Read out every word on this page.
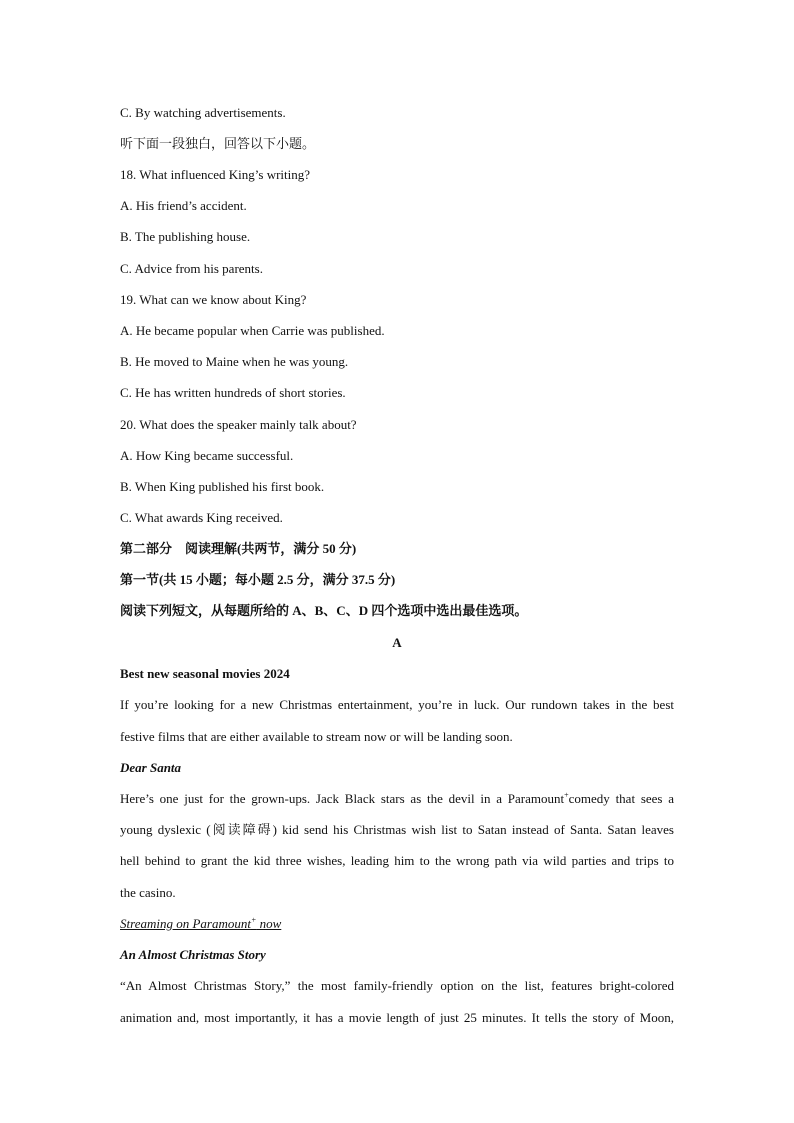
C. By watching advertisements.
听下面一段独白，回答以下小题。
18. What influenced King’s writing?
A. His friend’s accident.
B. The publishing house.
C. Advice from his parents.
19. What can we know about King?
A. He became popular when Carrie was published.
B. He moved to Maine when he was young.
C. He has written hundreds of short stories.
20. What does the speaker mainly talk about?
A. How King became successful.
B. When King published his first book.
C. What awards King received.
第二部分　阅读理解(共两节，满分 50 分)
第一节(共 15 小题；每小题 2.5 分，满分 37.5 分)
阅读下列短文，从每题所给的 A、B、C、D 四个选项中选出最佳选项。
A
Best new seasonal movies 2024
If you’re looking for a new Christmas entertainment, you’re in luck. Our rundown takes in the best
festive films that are either available to stream now or will be landing soon.
Dear Santa
Here’s one just for the grown-ups. Jack Black stars as the devil in a Paramount+comedy that sees a
young dyslexic (阅读障碍) kid send his Christmas wish list to Satan instead of Santa. Satan leaves
hell behind to grant the kid three wishes, leading him to the wrong path via wild parties and trips to
the casino.
Streaming on Paramount+ now
An Almost Christmas Story
“An Almost Christmas Story,” the most family-friendly option on the list, features bright-colored
animation and, most importantly, it has a movie length of just 25 minutes. It tells the story of Moon,
